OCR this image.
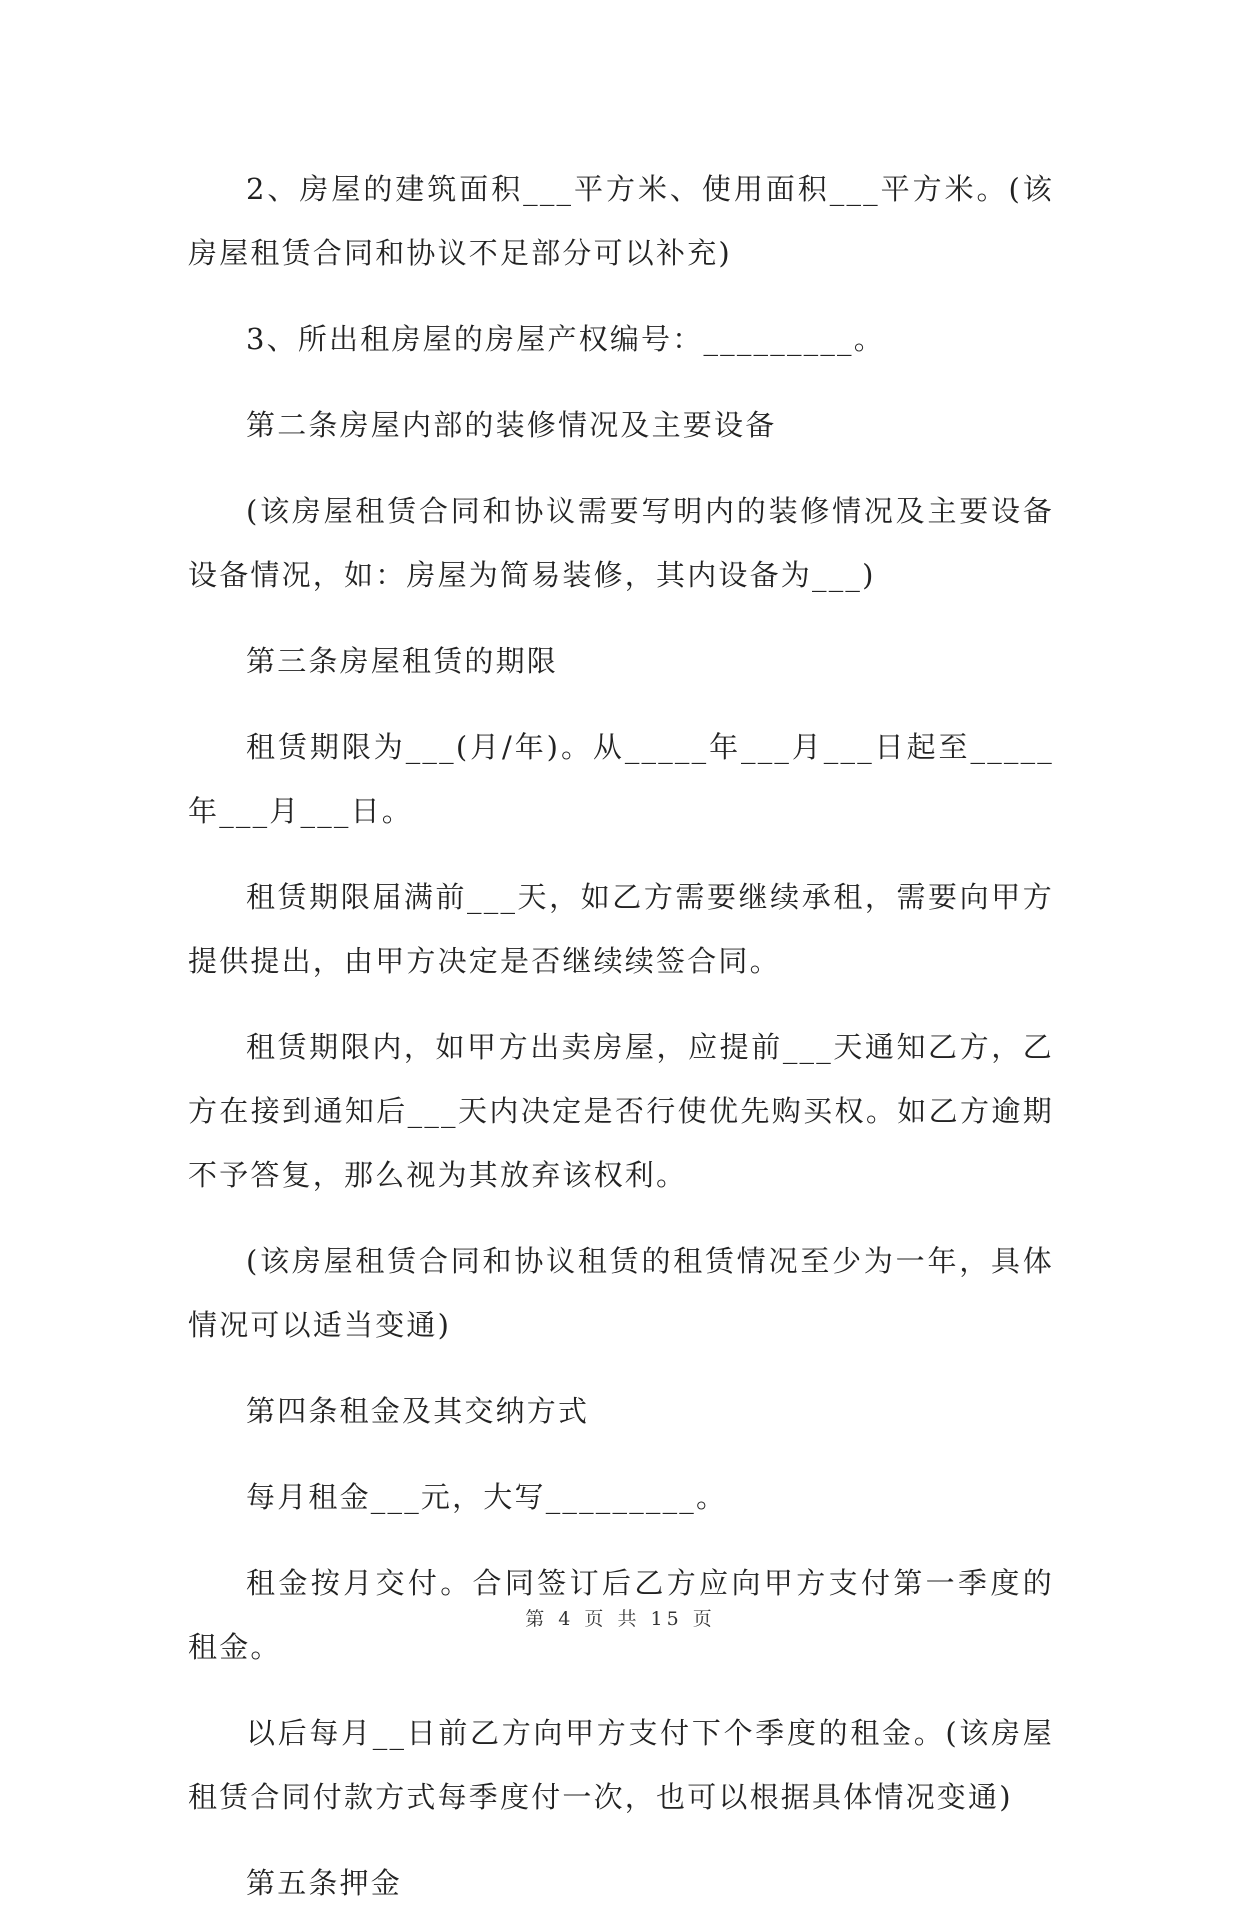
2、房屋的建筑面积___平方米、使用面积___平方米。(该房屋租赁合同和协议不足部分可以补充)

3、所出租房屋的房屋产权编号：_________。

第二条房屋内部的装修情况及主要设备

(该房屋租赁合同和协议需要写明内的装修情况及主要设备设备情况，如：房屋为简易装修，其内设备为___)

第三条房屋租赁的期限

租赁期限为___(月/年)。从_____年___月___日起至_____年___月___日。

租赁期限届满前___天，如乙方需要继续承租，需要向甲方提供提出，由甲方决定是否继续续签合同。

租赁期限内，如甲方出卖房屋，应提前___天通知乙方，乙方在接到通知后___天内决定是否行使优先购买权。如乙方逾期不予答复，那么视为其放弃该权利。

(该房屋租赁合同和协议租赁的租赁情况至少为一年，具体情况可以适当变通)

第四条租金及其交纳方式

每月租金___元，大写_________。

租金按月交付。合同签订后乙方应向甲方支付第一季度的租金。

以后每月__日前乙方向甲方支付下个季度的租金。(该房屋租赁合同付款方式每季度付一次，也可以根据具体情况变通)

第五条押金

第 4 页 共 15 页
